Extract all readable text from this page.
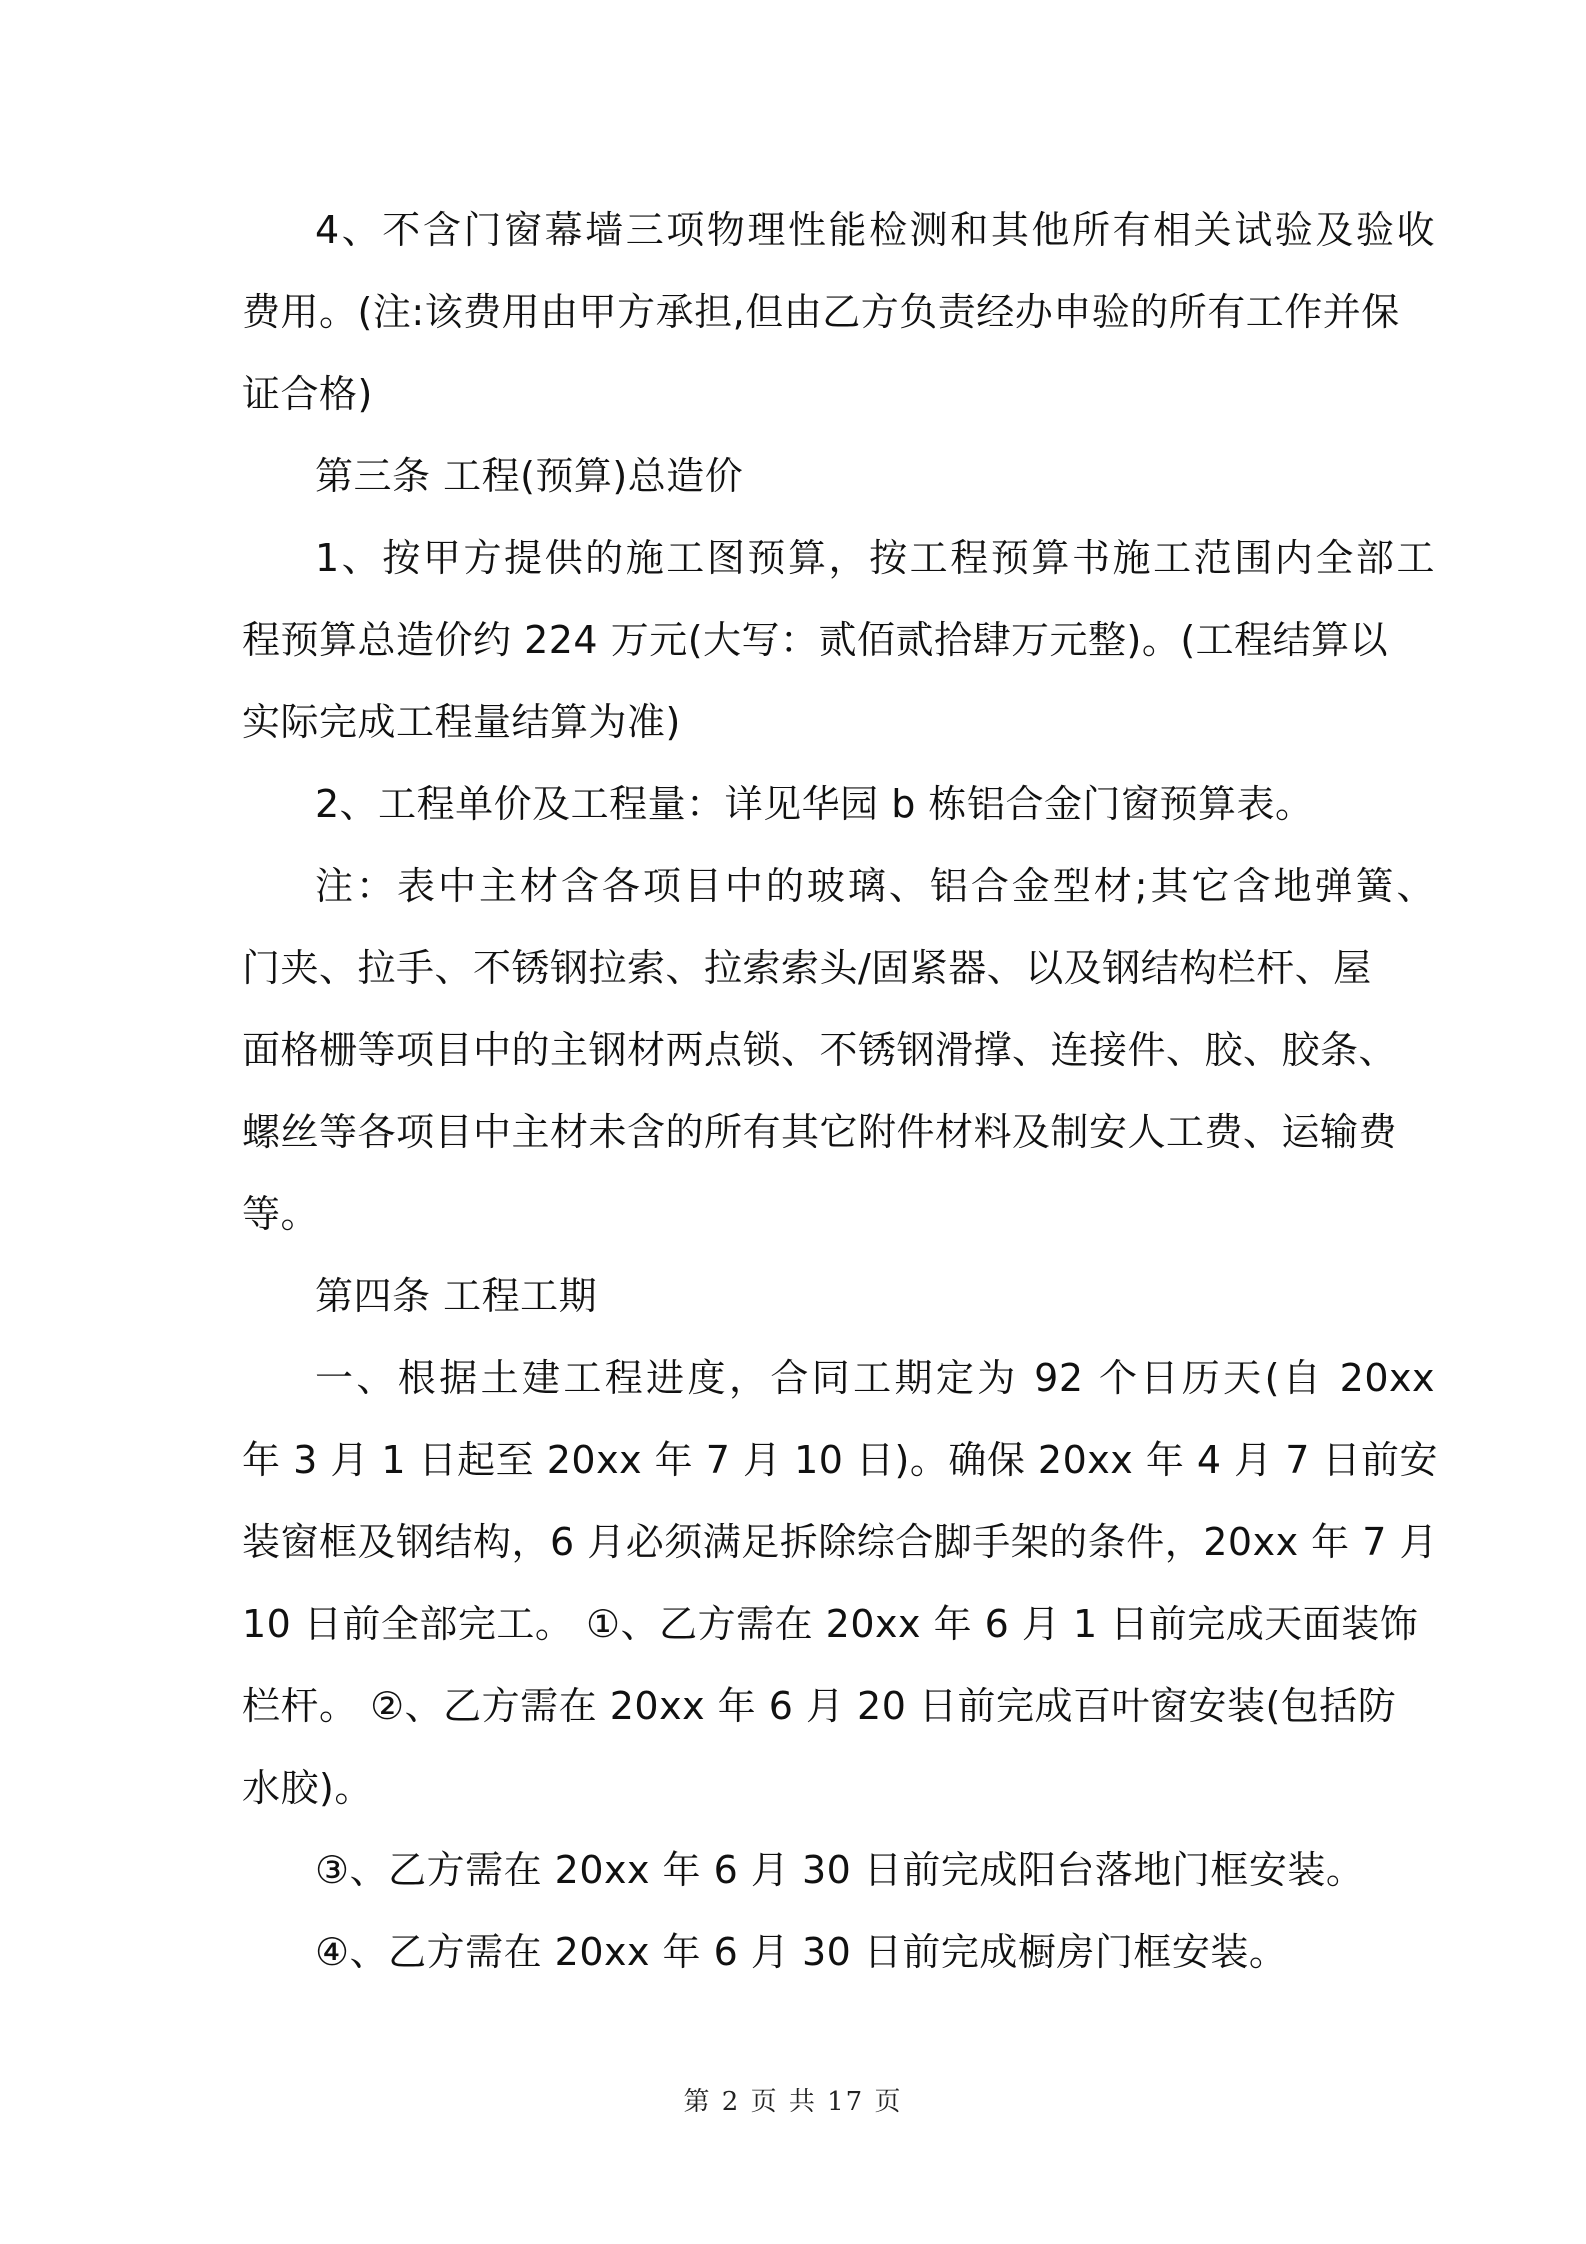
4、不含门窗幕墙三项物理性能检测和其他所有相关试验及验收
费用。(注:该费用由甲方承担,但由乙方负责经办申验的所有工作并保
证合格)
第三条 工程(预算)总造价
1、按甲方提供的施工图预算，按工程预算书施工范围内全部工
程预算总造价约 224 万元(大写：贰佰贰拾肆万元整)。(工程结算以
实际完成工程量结算为准)
2、工程单价及工程量：详见华园 b 栋铝合金门窗预算表。
注：表中主材含各项目中的玻璃、铝合金型材;其它含地弹簧、
门夹、拉手、不锈钢拉索、拉索索头/固紧器、以及钢结构栏杆、屋
面格栅等项目中的主钢材两点锁、不锈钢滑撑、连接件、胶、胶条、
螺丝等各项目中主材未含的所有其它附件材料及制安人工费、运输费
等。
第四条 工程工期
一、根据土建工程进度，合同工期定为 92 个日历天(自 20xx
年 3 月 1 日起至 20xx 年 7 月 10 日)。确保 20xx 年 4 月 7 日前安
装窗框及钢结构，6 月必须满足拆除综合脚手架的条件，20xx 年 7 月
10 日前全部完工。 ①、乙方需在 20xx 年 6 月 1 日前完成天面装饰
栏杆。 ②、乙方需在 20xx 年 6 月 20 日前完成百叶窗安装(包括防
水胶)。
③、乙方需在 20xx 年 6 月 30 日前完成阳台落地门框安装。
④、乙方需在 20xx 年 6 月 30 日前完成橱房门框安装。
第 2 页 共 17 页
